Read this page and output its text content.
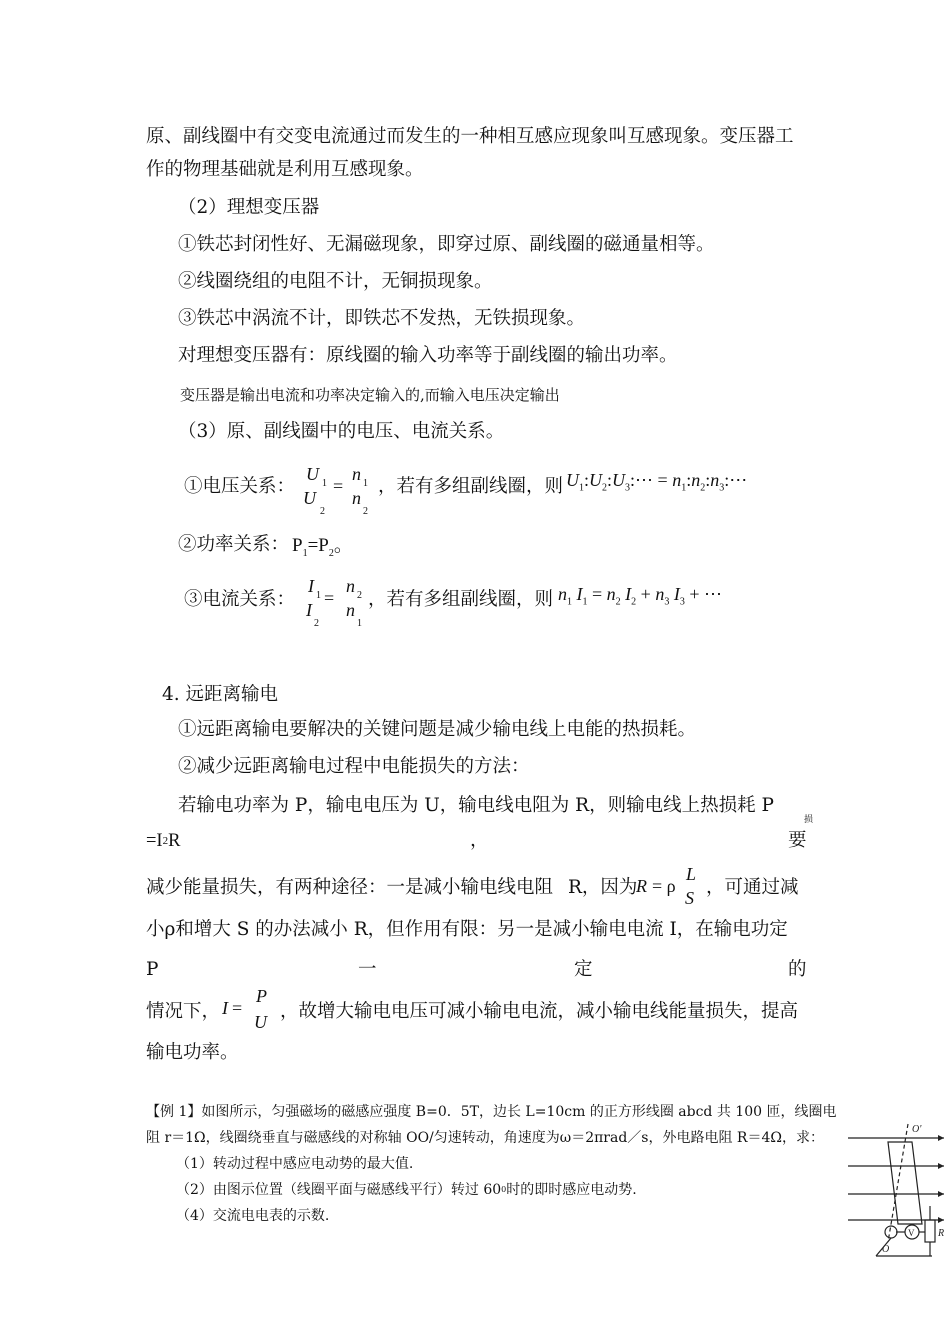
原、副线圈中有交变电流通过而发生的一种相互感应现象叫互感现象。变压器工
作的物理基础就是利用互感现象。
（2）理想变压器
①铁芯封闭性好、无漏磁现象，即穿过原、副线圈的磁通量相等。
②线圈绕组的电阻不计，无铜损现象。
③铁芯中涡流不计，即铁芯不发热，无铁损现象。
对理想变压器有：原线圈的输入功率等于副线圈的输出功率。
变压器是输出电流和功率决定输入的,而输入电压决定输出
（3）原、副线圈中的电压、电流关系。
①电压关系：
U 1
U
2
=
n 1
n
2
，若有多组副线圈，则 $U_1:U_2:U_3:\cdots$ = $n_1:n_2:n_3:\cdots$
②功率关系： $P_1=P_2$。
③电流关系：
I 1
I
2
=
n 2
n
1
，若有多组副线圈，则 $n_1$ $I_1 = n_2$ $I_2 + n_3$ $I_3$ + ⋯
4. 远距离输电
①远距离输电要解决的关键问题是减少输电线上电能的热损耗。
②减少远距离输电过程中电能损失的方法：
若输电功率为 P，输电电压为 U，输电线电阻为 R，则输电线上热损耗 P
损
$=I^2R$	，	要
减少能量损失，有两种途径：一是减小输电线电阻 R，因为
R = ρ
L
S ，可通过减
小ρ和增大 S 的办法减小 R，但作用有限：另一是减小输电电流 I，在输电功定
P	一	定	的
情况下， I =
P
U ，故增大输电电压可减小输电电流，减小输电线能量损失，提高
输电功率。
【例 1】如图所示，匀强磁场的磁感应强度 B=0．5T，边长 L=10cm 的正方形线圈 abcd 共 100 匝，线圈电
阻 r＝1Ω，线圈绕垂直与磁感线的对称轴 OO/匀速转动，角速度为ω＝2πrad／s，外电路电阻 R＝4Ω，求：
（1）转动过程中感应电动势的最大值.
（2）由图示位置（线圈平面与磁感线平行）转过 $60^0$时的即时感应电动势.
（4）交流电电表的示数.
O'
O
V R
